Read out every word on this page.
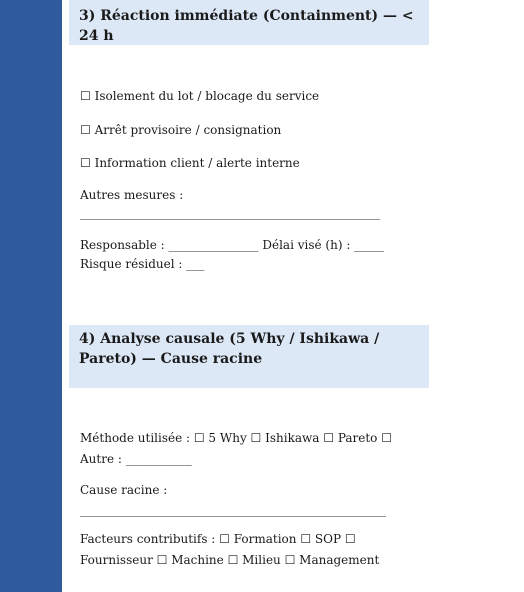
3) Réaction immédiate (Containment) — < 24 h
☐ Isolement du lot / blocage du service
☐ Arrêt provisoire / consignation
☐ Information client / alerte interne
Autres mesures :
__________________________________________________
Responsable : _______________ Délai visé (h) : _____
Risque résiduel : ___
4) Analyse causale (5 Why / Ishikawa / Pareto) — Cause racine
Méthode utilisée : ☐ 5 Why ☐ Ishikawa ☐ Pareto ☐ Autre : ___________
Cause racine :
___________________________________________________
Facteurs contributifs : ☐ Formation ☐ SOP ☐ Fournisseur ☐ Machine ☐ Milieu ☐ Management
